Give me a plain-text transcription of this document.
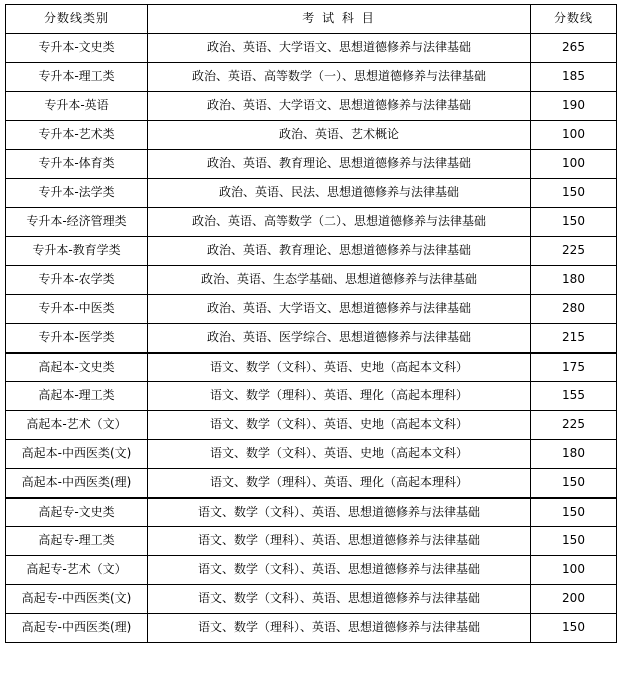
分数线类别	考 试 科 目	分数线
专升本-文史类	政治、英语、大学语文、思想道德修养与法律基础	265
专升本-理工类	政治、英语、高等数学（一）、思想道德修养与法律基础	185
专升本-英语	政治、英语、大学语文、思想道德修养与法律基础	190
专升本-艺术类	政治、英语、艺术概论	100
专升本-体育类	政治、英语、教育理论、思想道德修养与法律基础	100
专升本-法学类	政治、英语、民法、思想道德修养与法律基础	150
专升本-经济管理类	政治、英语、高等数学（二）、思想道德修养与法律基础	150
专升本-教育学类	政治、英语、教育理论、思想道德修养与法律基础	225
专升本-农学类	政治、英语、生态学基础、思想道德修养与法律基础	180
专升本-中医类	政治、英语、大学语文、思想道德修养与法律基础	280
专升本-医学类	政治、英语、医学综合、思想道德修养与法律基础	215
高起本-文史类	语文、数学（文科）、英语、史地（高起本文科）	175
高起本-理工类	语文、数学（理科）、英语、理化（高起本理科）	155
高起本-艺术（文）	语文、数学（文科）、英语、史地（高起本文科）	225
高起本-中西医类(文)	语文、数学（文科）、英语、史地（高起本文科）	180
高起本-中西医类(理)	语文、数学（理科）、英语、理化（高起本理科）	150
高起专-文史类	语文、数学（文科）、英语、思想道德修养与法律基础	150
高起专-理工类	语文、数学（理科）、英语、思想道德修养与法律基础	150
高起专-艺术（文）	语文、数学（文科）、英语、思想道德修养与法律基础	100
高起专-中西医类(文)	语文、数学（文科）、英语、思想道德修养与法律基础	200
高起专-中西医类(理)	语文、数学（理科）、英语、思想道德修养与法律基础	150
